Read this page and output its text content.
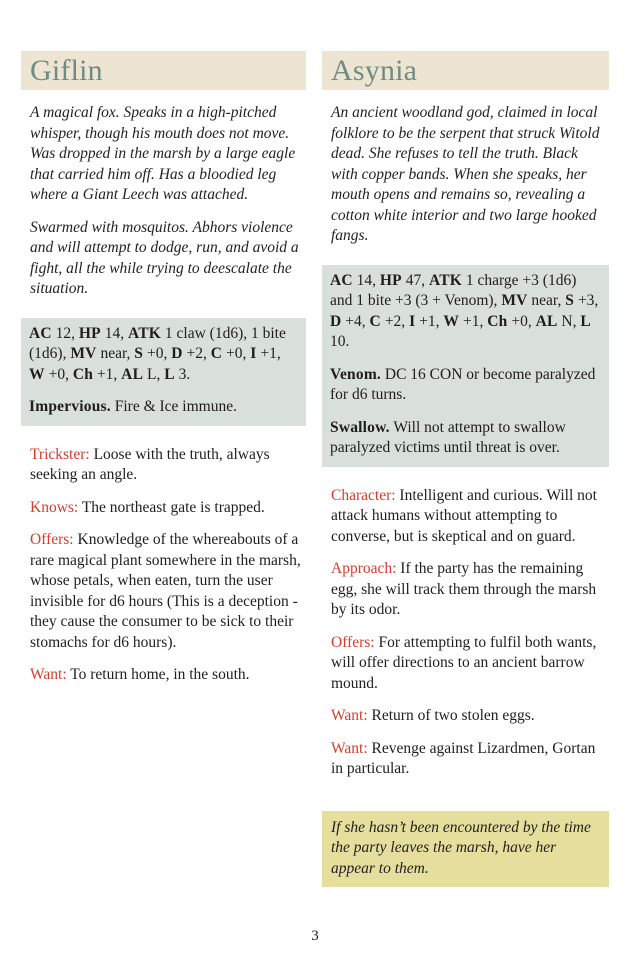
Giflin

A magical fox. Speaks in a high-pitched whisper, though his mouth does not move. Was dropped in the marsh by a large eagle that carried him off. Has a bloodied leg where a Giant Leech was attached.

Swarmed with mosquitos. Abhors violence and will attempt to dodge, run, and avoid a fight, all the while trying to deescalate the situation.

AC 12, HP 14, ATK 1 claw (1d6), 1 bite (1d6), MV near, S +0, D +2, C +0, I +1, W +0, Ch +1, AL L, L 3.

Impervious. Fire & Ice immune.

Trickster: Loose with the truth, always seeking an angle.

Knows: The northeast gate is trapped.

Offers: Knowledge of the whereabouts of a rare magical plant somewhere in the marsh, whose petals, when eaten, turn the user invisible for d6 hours (This is a deception - they cause the consumer to be sick to their stomachs for d6 hours).

Want: To return home, in the south.

Asynia

An ancient woodland god, claimed in local folklore to be the serpent that struck Witold dead. She refuses to tell the truth. Black with copper bands. When she speaks, her mouth opens and remains so, revealing a cotton white interior and two large hooked fangs.

AC 14, HP 47, ATK 1 charge +3 (1d6) and 1 bite +3 (3 + Venom), MV near, S +3, D +4, C +2, I +1, W +1, Ch +0, AL N, L 10.

Venom. DC 16 CON or become paralyzed for d6 turns.

Swallow. Will not attempt to swallow paralyzed victims until threat is over.

Character: Intelligent and curious. Will not attack humans without attempting to converse, but is skeptical and on guard.

Approach: If the party has the remaining egg, she will track them through the marsh by its odor.

Offers: For attempting to fulfil both wants, will offer directions to an ancient barrow mound.

Want: Return of two stolen eggs.

Want: Revenge against Lizardmen, Gortan in particular.

If she hasn’t been encountered by the time the party leaves the marsh, have her appear to them.
3
